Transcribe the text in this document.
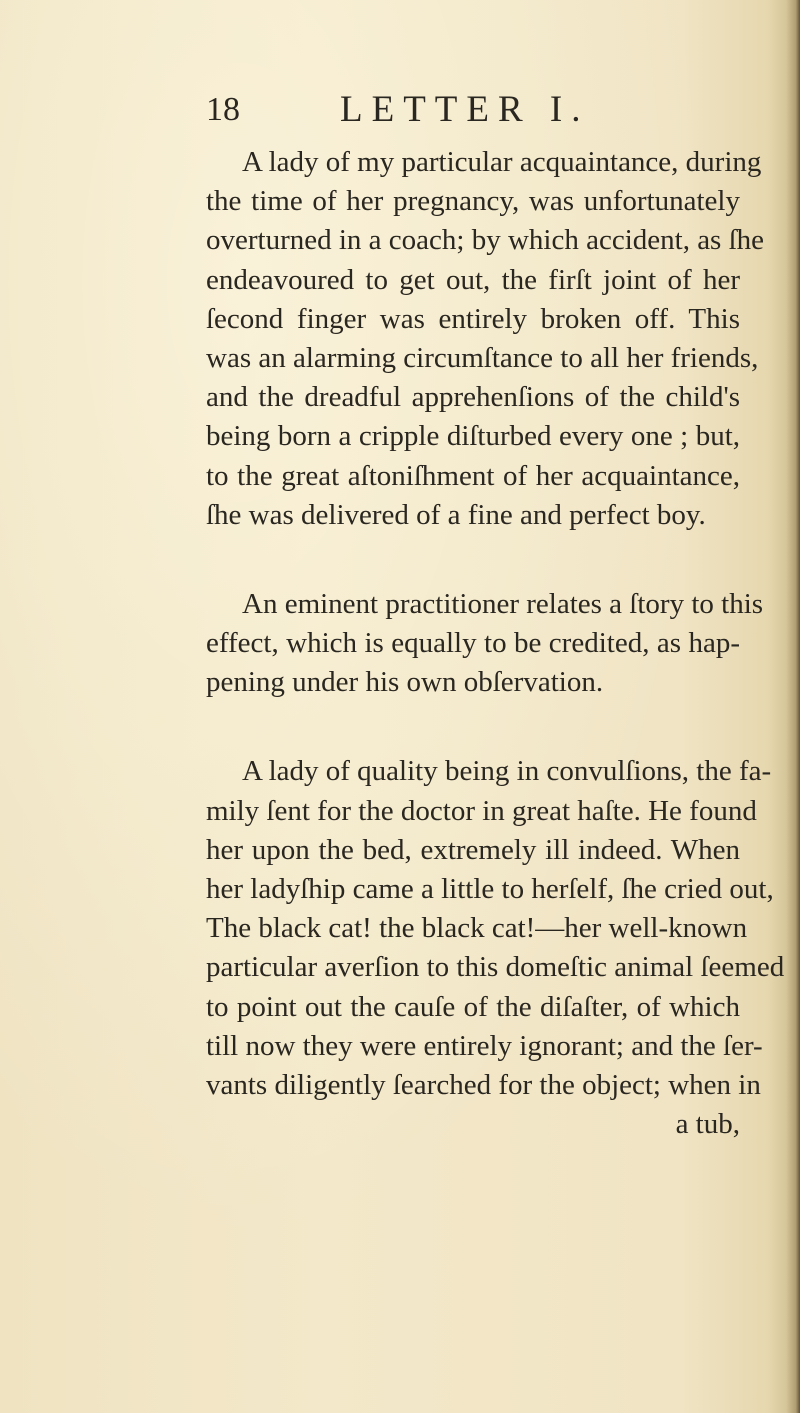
18	LETTER I.

A lady of my particular acquaintance, during
the time of her pregnancy, was unfortunately
overturned in a coach; by which accident, as ſhe
endeavoured to get out, the firſt joint of her
ſecond finger was entirely broken off. This
was an alarming circumſtance to all her friends,
and the dreadful apprehenſions of the child's
being born a cripple diſturbed every one ; but,
to the great aſtoniſhment of her acquaintance,
ſhe was delivered of a fine and perfect boy.

An eminent practitioner relates a ſtory to this
effect, which is equally to be credited, as hap-
pening under his own obſervation.

A lady of quality being in convulſions, the fa-
mily ſent for the doctor in great haſte. He found
her upon the bed, extremely ill indeed. When
her ladyſhip came a little to herſelf, ſhe cried out,
The black cat! the black cat!—her well-known
particular averſion to this domeſtic animal ſeemed
to point out the cauſe of the diſaſter, of which
till now they were entirely ignorant; and the ſer-
vants diligently ſearched for the object; when in

a tub,
